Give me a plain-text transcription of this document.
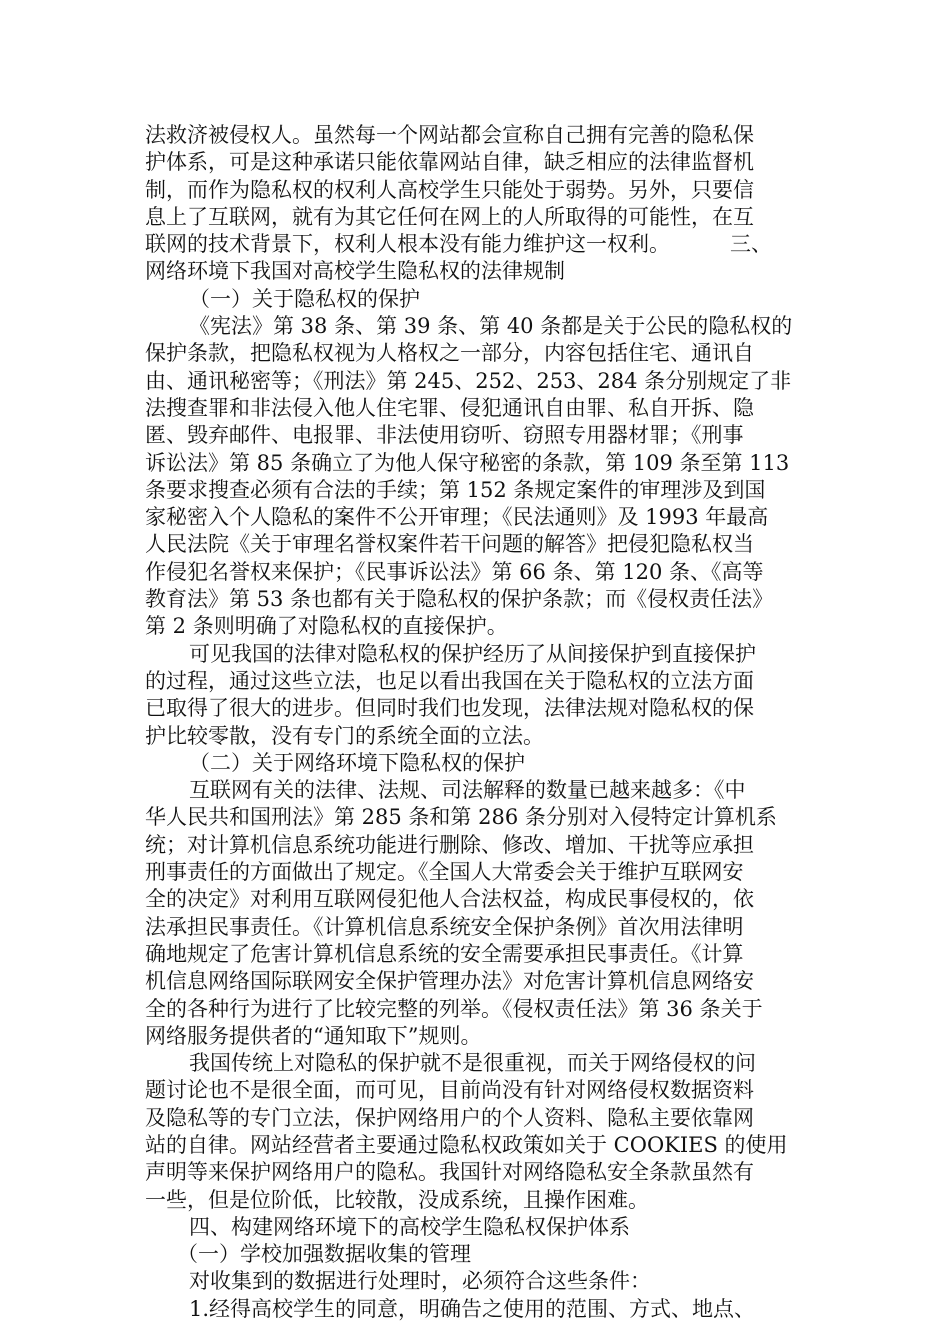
法救济被侵权人。虽然每一个网站都会宣称自己拥有完善的隐私保
护体系，可是这种承诺只能依靠网站自律，缺乏相应的法律监督机
制，而作为隐私权的权利人高校学生只能处于弱势。另外，只要信
息上了互联网，就有为其它任何在网上的人所取得的可能性，在互
联网的技术背景下，权利人根本没有能力维护这一权利。	三、
网络环境下我国对高校学生隐私权的法律规制
（一）关于隐私权的保护
《宪法》第 38 条、第 39 条、第 40 条都是关于公民的隐私权的
保护条款，把隐私权视为人格权之一部分，内容包括住宅、通讯自
由、通讯秘密等；《刑法》第 245、252、253、284 条分别规定了非
法搜查罪和非法侵入他人住宅罪、侵犯通讯自由罪、私自开拆、隐
匿、毁弃邮件、电报罪、非法使用窃听、窃照专用器材罪；《刑事
诉讼法》第 85 条确立了为他人保守秘密的条款，第 109 条至第 113
条要求搜查必须有合法的手续；第 152 条规定案件的审理涉及到国
家秘密入个人隐私的案件不公开审理；《民法通则》及 1993 年最高
人民法院《关于审理名誉权案件若干问题的解答》把侵犯隐私权当
作侵犯名誉权来保护；《民事诉讼法》第 66 条、第 120 条、《高等
教育法》第 53 条也都有关于隐私权的保护条款；而《侵权责任法》
第 2 条则明确了对隐私权的直接保护。
可见我国的法律对隐私权的保护经历了从间接保护到直接保护
的过程，通过这些立法，也足以看出我国在关于隐私权的立法方面
已取得了很大的进步。但同时我们也发现，法律法规对隐私权的保
护比较零散，没有专门的系统全面的立法。
（二）关于网络环境下隐私权的保护
互联网有关的法律、法规、司法解释的数量已越来越多：《中
华人民共和国刑法》第 285 条和第 286 条分别对入侵特定计算机系
统；对计算机信息系统功能进行删除、修改、增加、干扰等应承担
刑事责任的方面做出了规定。《全国人大常委会关于维护互联网安
全的决定》对利用互联网侵犯他人合法权益，构成民事侵权的，依
法承担民事责任。《计算机信息系统安全保护条例》首次用法律明
确地规定了危害计算机信息系统的安全需要承担民事责任。《计算
机信息网络国际联网安全保护管理办法》对危害计算机信息网络安
全的各种行为进行了比较完整的列举。《侵权责任法》第 36 条关于
网络服务提供者的“通知取下”规则。
我国传统上对隐私的保护就不是很重视，而关于网络侵权的问
题讨论也不是很全面，而可见，目前尚没有针对网络侵权数据资料
及隐私等的专门立法，保护网络用户的个人资料、隐私主要依靠网
站的自律。网站经营者主要通过隐私权政策如关于 COOKIES 的使用
声明等来保护网络用户的隐私。我国针对网络隐私安全条款虽然有
一些，但是位阶低，比较散，没成系统，且操作困难。
四、构建网络环境下的高校学生隐私权保护体系
（一）学校加强数据收集的管理
对收集到的数据进行处理时，必须符合这些条件：
1.经得高校学生的同意，明确告之使用的范围、方式、地点、
